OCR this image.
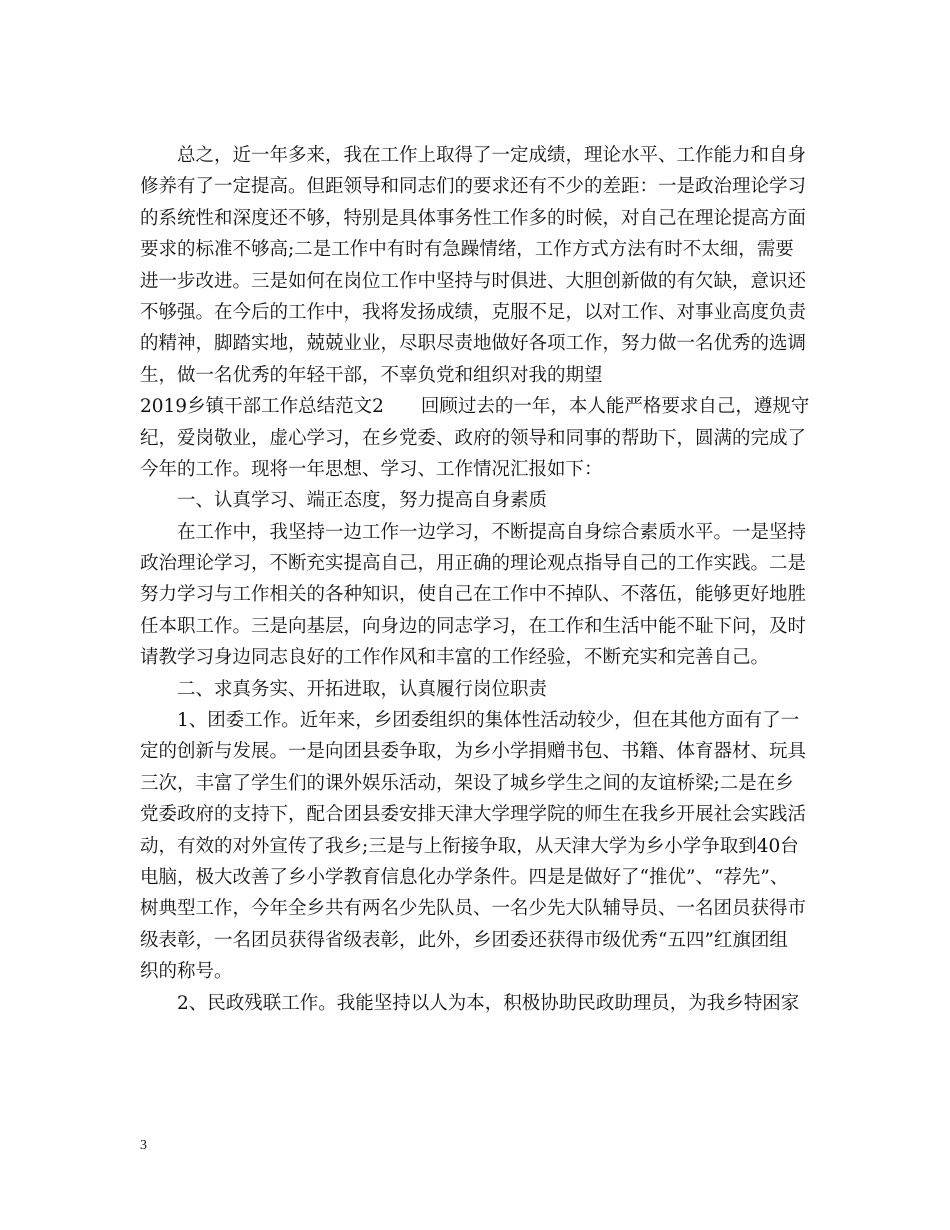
总之，近一年多来，我在工作上取得了一定成绩，理论水平、工作能力和自身
修养有了一定提高。但距领导和同志们的要求还有不少的差距：一是政治理论学习
的系统性和深度还不够，特别是具体事务性工作多的时候，对自己在理论提高方面
要求的标准不够高;二是工作中有时有急躁情绪，工作方式方法有时不太细，需要
进一步改进。三是如何在岗位工作中坚持与时俱进、大胆创新做的有欠缺，意识还
不够强。在今后的工作中，我将发扬成绩，克服不足，以对工作、对事业高度负责
的精神，脚踏实地，兢兢业业，尽职尽责地做好各项工作，努力做一名优秀的选调
生，做一名优秀的年轻干部，不辜负党和组织对我的期望
2019乡镇干部工作总结范文2　　回顾过去的一年，本人能严格要求自己，遵规守
纪，爱岗敬业，虚心学习，在乡党委、政府的领导和同事的帮助下，圆满的完成了
今年的工作。现将一年思想、学习、工作情况汇报如下：
一、认真学习、端正态度，努力提高自身素质
在工作中，我坚持一边工作一边学习，不断提高自身综合素质水平。一是坚持
政治理论学习，不断充实提高自己，用正确的理论观点指导自己的工作实践。二是
努力学习与工作相关的各种知识，使自己在工作中不掉队、不落伍，能够更好地胜
任本职工作。三是向基层，向身边的同志学习，在工作和生活中能不耻下问，及时
请教学习身边同志良好的工作作风和丰富的工作经验，不断充实和完善自己。
二、求真务实、开拓进取，认真履行岗位职责
1、团委工作。近年来，乡团委组织的集体性活动较少，但在其他方面有了一
定的创新与发展。一是向团县委争取，为乡小学捐赠书包、书籍、体育器材、玩具
三次，丰富了学生们的课外娱乐活动，架设了城乡学生之间的友谊桥梁;二是在乡
党委政府的支持下，配合团县委安排天津大学理学院的师生在我乡开展社会实践活
动，有效的对外宣传了我乡;三是与上衔接争取，从天津大学为乡小学争取到40台
电脑，极大改善了乡小学教育信息化办学条件。四是是做好了“推优”、“荐先”、
树典型工作，今年全乡共有两名少先队员、一名少先大队辅导员、一名团员获得市
级表彰，一名团员获得省级表彰，此外，乡团委还获得市级优秀“五四”红旗团组
织的称号。
2、民政残联工作。我能坚持以人为本，积极协助民政助理员，为我乡特困家
3
